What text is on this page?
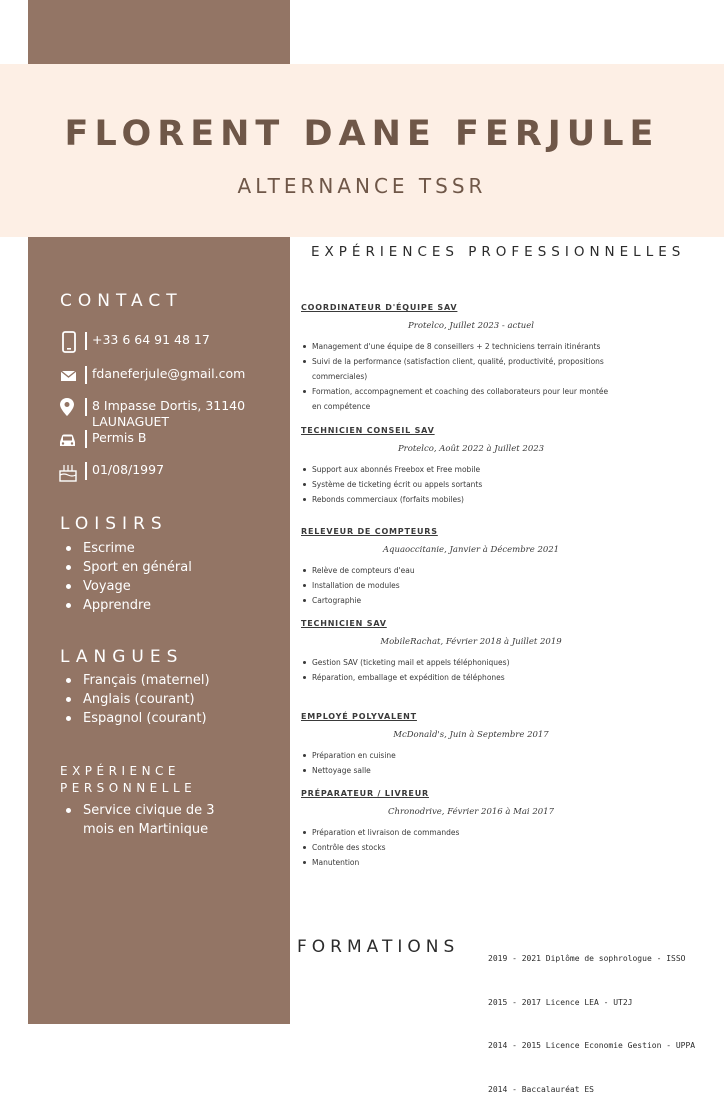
FLORENT DANE FERJULE
ALTERNANCE TSSR
CONTACT
+33 6 64 91 48 17
fdaneferjule@gmail.com
8 Impasse Dortis, 31140
LAUNAGUET
Permis B
01/08/1997
LOISIRS
Escrime
Sport en général
Voyage
Apprendre
LANGUES
Français (maternel)
Anglais (courant)
Espagnol (courant)
EXPÉRIENCE
PERSONNELLE
Service civique de 3 mois en Martinique
EXPÉRIENCES PROFESSIONNELLES
COORDINATEUR D'ÉQUIPE SAV
Protelco, Juillet 2023 - actuel
Management d'une équipe de 8 conseillers + 2 techniciens terrain itinérants
Suivi de la performance (satisfaction client, qualité, productivité, propositions commerciales)
Formation, accompagnement et coaching des collaborateurs pour leur montée en compétence
TECHNICIEN CONSEIL SAV
Protelco, Août 2022 à Juillet 2023
Support aux abonnés Freebox et Free mobile
Système de ticketing écrit ou appels sortants
Rebonds commerciaux (forfaits mobiles)
RELEVEUR DE COMPTEURS
Aquaoccitanie, Janvier à Décembre 2021
Relève de compteurs d'eau
Installation de modules
Cartographie
TECHNICIEN SAV
MobileRachat, Février 2018 à Juillet 2019
Gestion SAV (ticketing mail et appels téléphoniques)
Réparation, emballage et expédition de téléphones
EMPLOYÉ POLYVALENT
McDonald's, Juin à Septembre 2017
Préparation en cuisine
Nettoyage salle
PRÉPARATEUR / LIVREUR
Chronodrive, Février 2016 à Mai 2017
Préparation et livraison de commandes
Contrôle des stocks
Manutention
FORMATIONS

2019 - 2021 Diplôme de sophrologue - ISSO

2015 - 2017 Licence LEA - UT2J

2014 - 2015 Licence Economie Gestion - UPPA

2014 - Baccalauréat ES
